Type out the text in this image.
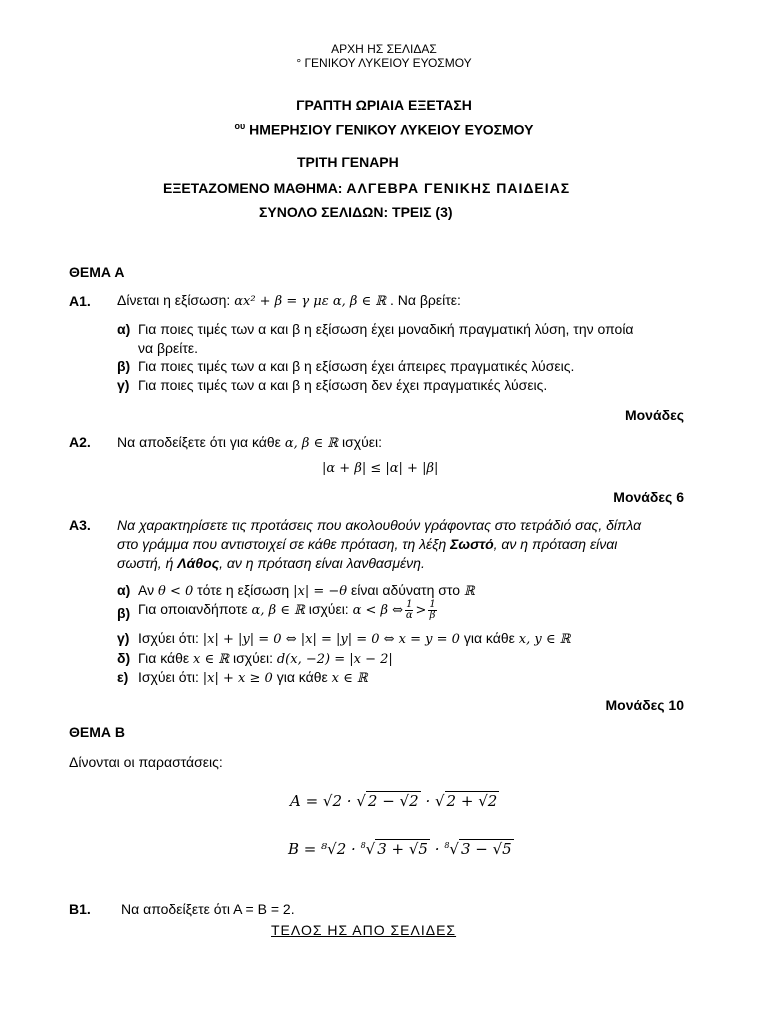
ΑΡΧΗ ΗΣ ΣΕΛΙΔΑΣ
° ΓΕΝΙΚΟΥ ΛΥΚΕΙΟΥ ΕΥΟΣΜΟΥ
ΓΡΑΠΤΗ ΩΡΙΑΙΑ ΕΞΕΤΑΣΗ
$^{o\upsilon}$ ΗΜΕΡΗΣΙΟΥ ΓΕΝΙΚΟΥ ΛΥΚΕΙΟΥ ΕΥΟΣΜΟΥ
ΤΡΙΤΗ ΓΕΝΑΡΗ
ΕΞΕΤΑΖΟΜΕΝΟ ΜΑΘΗΜΑ: ΑΛΓΕΒΡΑ ΓΕΝΙΚΗΣ ΠΑΙΔΕΙΑΣ
ΣΥΝΟΛΟ ΣΕΛΙΔΩΝ: ΤΡΕΙΣ (3)
ΘΕΜΑ Α
Α1. Δίνεται η εξίσωση: αx² + β = γ με α, β ∈ ℝ . Να βρείτε:
α) Για ποιες τιμές των α και β η εξίσωση έχει μοναδική πραγματική λύση, την οποία
να βρείτε.
β) Για ποιες τιμές των α και β η εξίσωση έχει άπειρες πραγματικές λύσεις.
γ) Για ποιες τιμές των α και β η εξίσωση δεν έχει πραγματικές λύσεις.
Μονάδες
Α2. Να αποδείξετε ότι για κάθε α, β ∈ ℝ ισχύει:
|α + β| ≤ |α| + |β|
Μονάδες 6
Α3. Να χαρακτηρίσετε τις προτάσεις που ακολουθούν γράφοντας στο τετράδιό σας, δίπλα
στο γράμμα που αντιστοιχεί σε κάθε πρόταση, τη λέξη Σωστό, αν η πρόταση είναι
σωστή, ή Λάθος, αν η πρόταση είναι λανθασμένη.
α) Αν θ < 0 τότε η εξίσωση |x| = −θ είναι αδύνατη στο ℝ
β) Για οποιανδήποτε α, β ∈ ℝ ισχύει: α < β ⇔ $\frac{1}{\alpha} > \frac{1}{\beta}$
γ) Ισχύει ότι: |x| + |y| = 0 ⇔ |x| = |y| = 0 ⇔ x = y = 0 για κάθε x, y ∈ ℝ
δ) Για κάθε x ∈ ℝ ισχύει: d(x, −2) = |x − 2|
ε) Ισχύει ότι: |x| + x ≥ 0 για κάθε x ∈ ℝ
Μονάδες 10
ΘΕΜΑ Β
Δίνονται οι παραστάσεις:
A = √2 · √ 2 − √2 · √ 2 + √2
B = ⁸√2 · $^8$√ 3 + √5 · $^8$√ 3 − √5
Β1. Να αποδείξετε ότι Α = Β = 2.
ΤΕΛΟΣ ΗΣ ΑΠΟ ΣΕΛΙΔΕΣ
